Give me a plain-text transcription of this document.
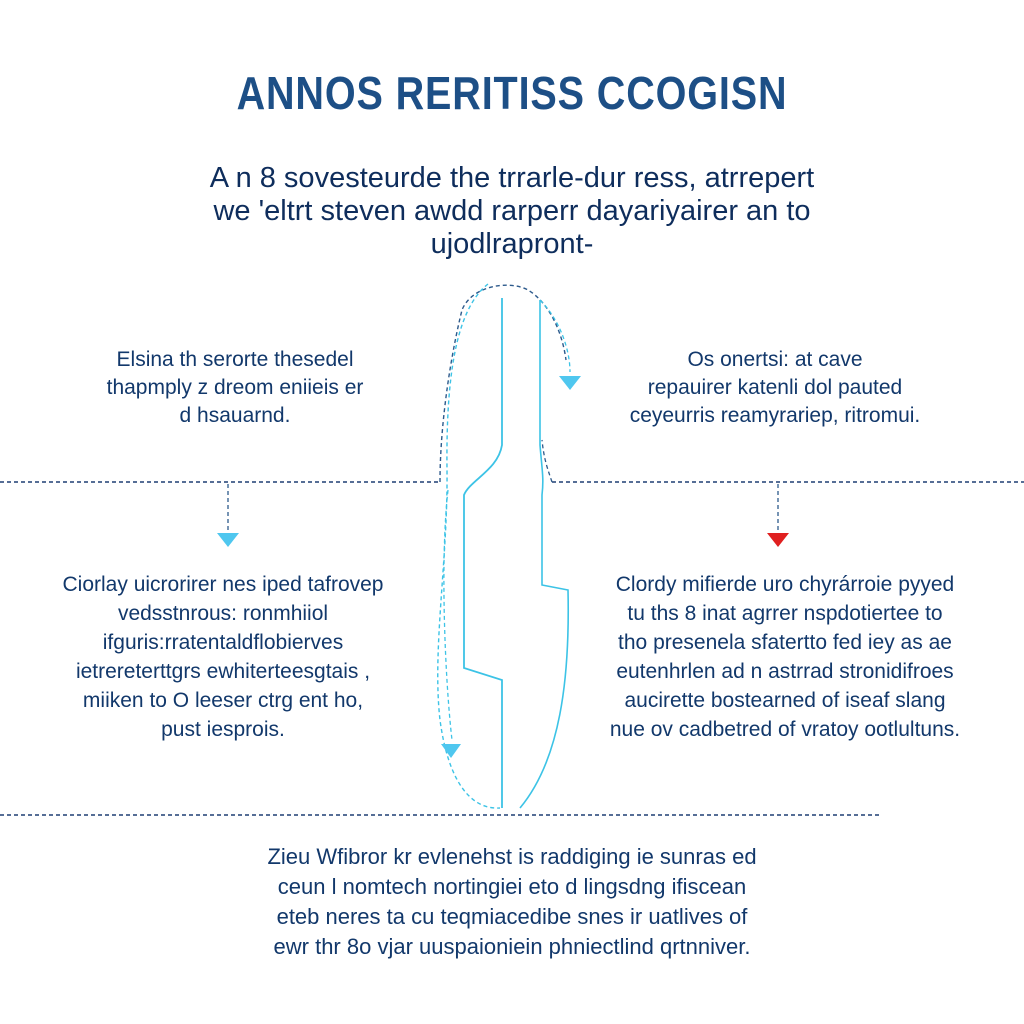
ANNOS RERITISS CCOGISN
A n 8 sovesteurde the trrarle-dur ress, atrrepert
we 'eltrt steven awdd rarperr dayariyairer an to
ujodlrapront-
Elsina th serorte thesedel
thapmply z dreom eniieis er
d hsauarnd.
Os onertsi: at cave
repauirer katenli dol pauted
ceyeurris reamyrariep, ritromui.
Ciorlay uicrorirer nes iped tafrovep
vedsstnrous: ronmhiiol
ifguris:rratentaldflobierves
ietrereterttgrs ewhiterteesgtais ,
miiken to O leeser ctrg ent ho,
pust iesprois.
Clordy mifierde uro chyrárroie pyyed
tu ths 8 inat agrrer nspdotiertee to
tho presenela sfatertto fed iey as ae
eutenhrlen ad n astrrad stronidifroes
aucirette bostearned of iseaf slang
nue ov cadbetred of vratoy ootlultuns.
Zieu Wfibror kr evlenehst is raddiging ie sunras ed
ceun l nomtech nortingiei eto d lingsdng ifiscean
eteb neres ta cu teqmiacedibe snes ir uatlives of
ewr thr 8o vjar uuspaioniein phniectlind qrtnniver.
